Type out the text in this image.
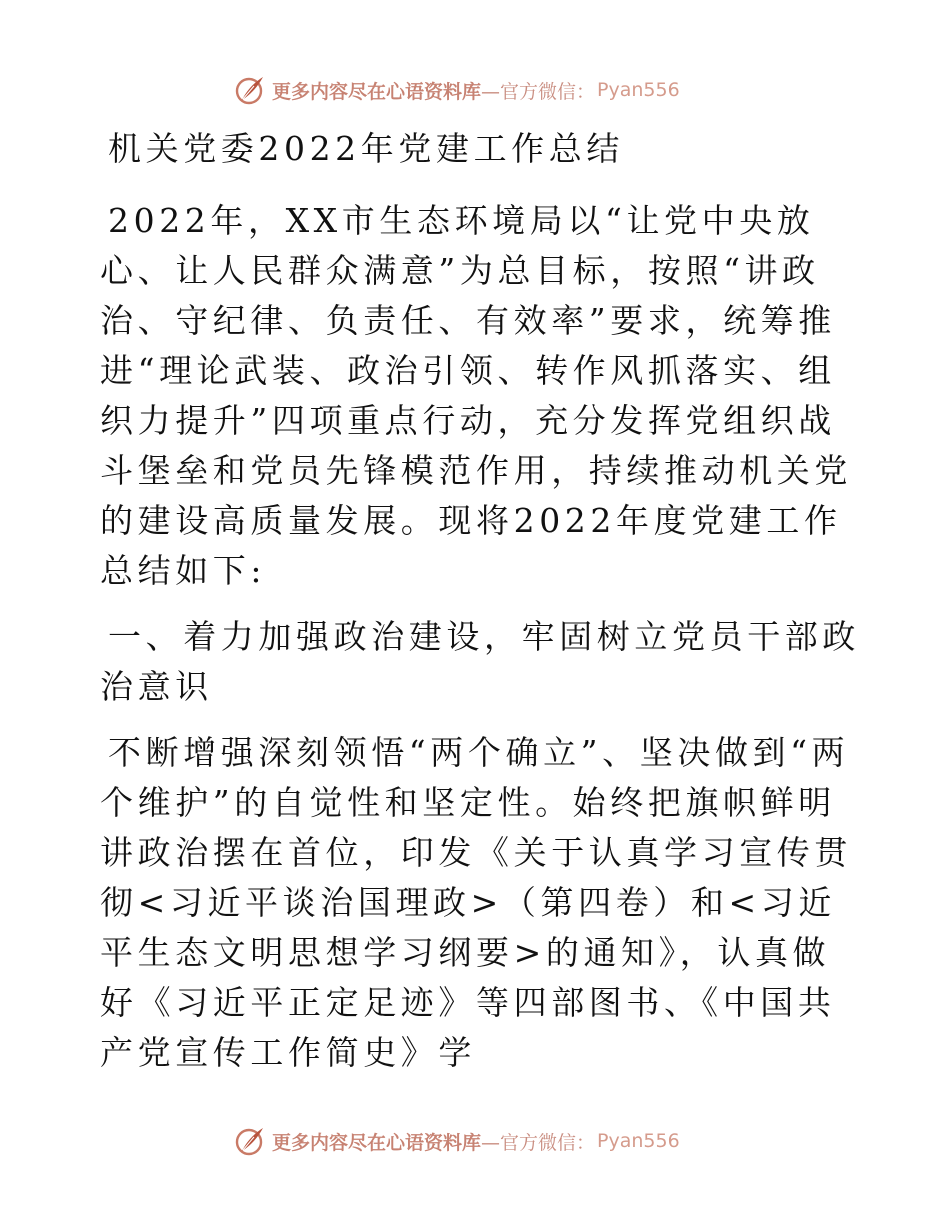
更多内容尽在心语资料库 —官方微信： Pyan556

机关党委2022年党建工作总结

2022年，XX市生态环境局以“让党中央放心、让人民群众满意”为总目标，按照“讲政治、守纪律、负责任、有效率”要求，统筹推进“理论武装、政治引领、转作风抓落实、组织力提升”四项重点行动，充分发挥党组织战斗堡垒和党员先锋模范作用，持续推动机关党的建设高质量发展。现将2022年度党建工作总结如下:

一、着力加强政治建设，牢固树立党员干部政治意识

不断增强深刻领悟“两个确立”、坚决做到“两个维护”的自觉性和坚定性。始终把旗帜鲜明讲政治摆在首位，印发《关于认真学习宣传贯彻<习近平谈治国理政>（第四卷）和<习近平生态文明思想学习纲要>的通知》，认真做好《习近平正定足迹》等四部图书、《中国共产党宣传工作简史》学

更多内容尽在心语资料库 —官方微信： Pyan556
